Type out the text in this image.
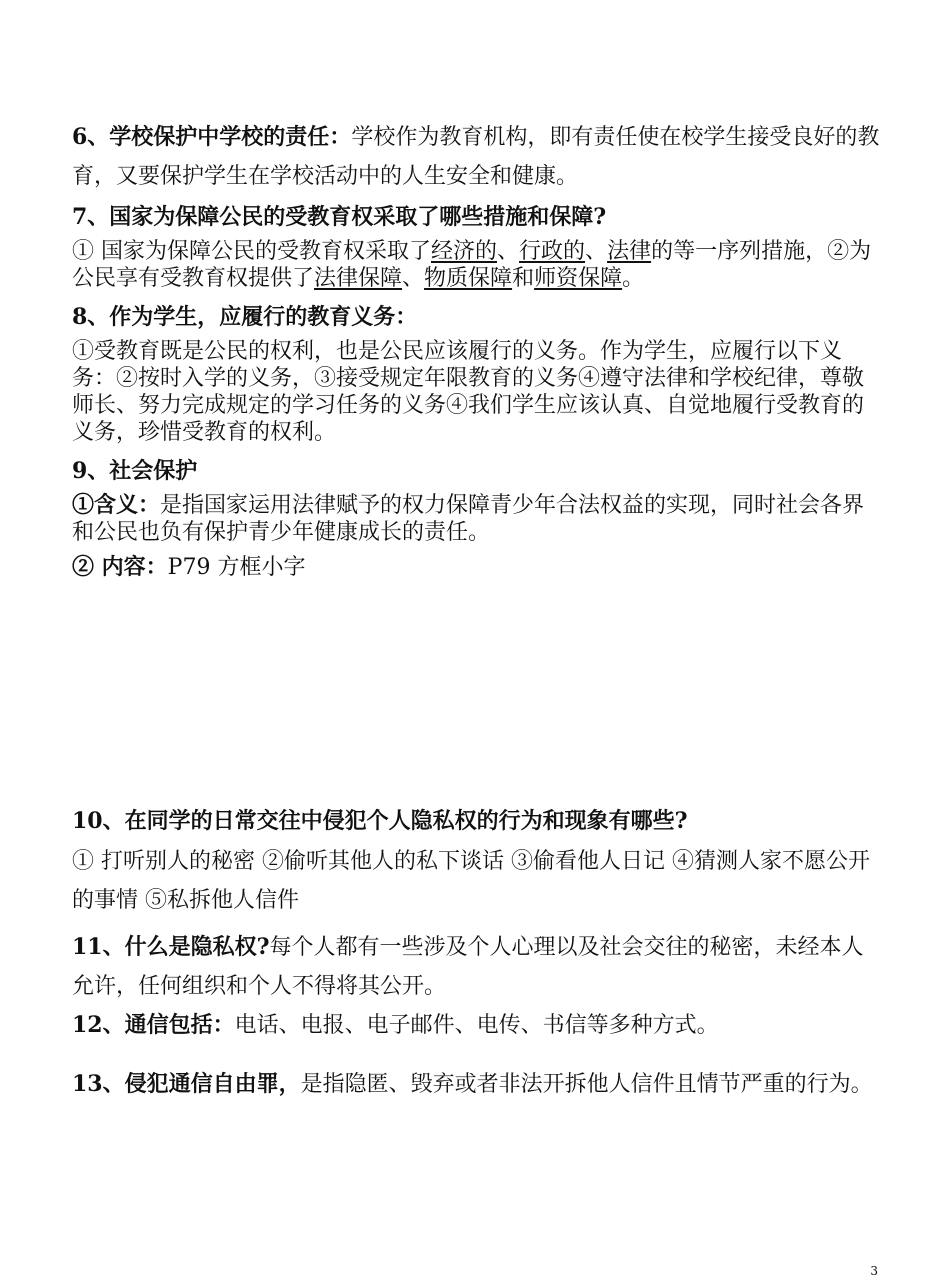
6、学校保护中学校的责任：学校作为教育机构，即有责任使在校学生接受良好的教育，又要保护学生在学校活动中的人生安全和健康。

7、国家为保障公民的受教育权采取了哪些措施和保障?

① 国家为保障公民的受教育权采取了经济的、行政的、法律的等一序列措施，②为公民享有受教育权提供了法律保障、物质保障和师资保障。

8、作为学生，应履行的教育义务：

①受教育既是公民的权利，也是公民应该履行的义务。作为学生，应履行以下义务：②按时入学的义务，③接受规定年限教育的义务④遵守法律和学校纪律，尊敬师长、努力完成规定的学习任务的义务④我们学生应该认真、自觉地履行受教育的义务，珍惜受教育的权利。

9、社会保护

①含义：是指国家运用法律赋予的权力保障青少年合法权益的实现，同时社会各界和公民也负有保护青少年健康成长的责任。

② 内容：P79 方框小字

10、在同学的日常交往中侵犯个人隐私权的行为和现象有哪些?

① 打听别人的秘密 ②偷听其他人的私下谈话 ③偷看他人日记 ④猜测人家不愿公开的事情 ⑤私拆他人信件

11、什么是隐私权?每个人都有一些涉及个人心理以及社会交往的秘密，未经本人允许，任何组织和个人不得将其公开。

12、通信包括：电话、电报、电子邮件、电传、书信等多种方式。

13、侵犯通信自由罪，是指隐匿、毁弃或者非法开拆他人信件且情节严重的行为。

3
